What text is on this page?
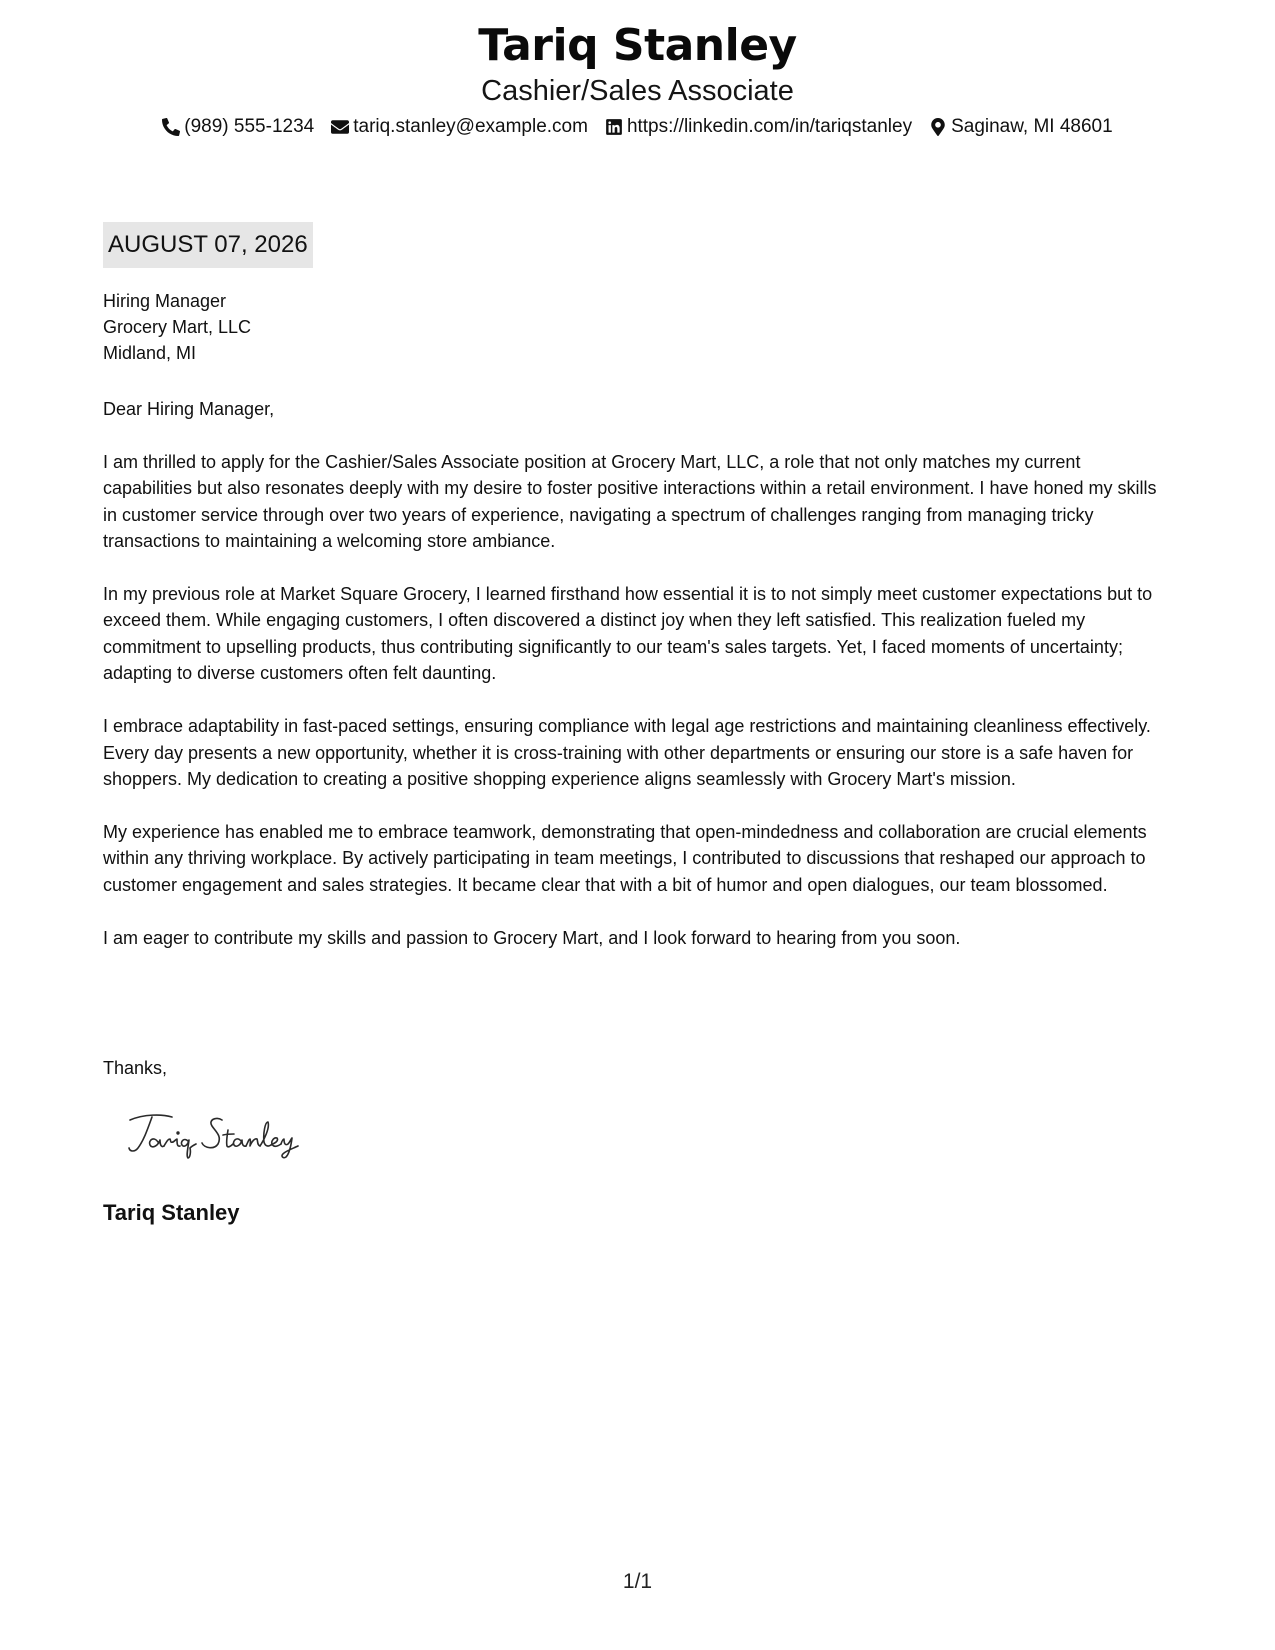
Tariq Stanley
Cashier/Sales Associate
(989) 555-1234 tariq.stanley@example.com https://linkedin.com/in/tariqstanley Saginaw, MI 48601
AUGUST 07, 2026
Hiring Manager
Grocery Mart, LLC
Midland, MI

Dear Hiring Manager,

I am thrilled to apply for the Cashier/Sales Associate position at Grocery Mart, LLC, a role that not only matches my current capabilities but also resonates deeply with my desire to foster positive interactions within a retail environment. I have honed my skills in customer service through over two years of experience, navigating a spectrum of challenges ranging from managing tricky transactions to maintaining a welcoming store ambiance.

In my previous role at Market Square Grocery, I learned firsthand how essential it is to not simply meet customer expectations but to exceed them. While engaging customers, I often discovered a distinct joy when they left satisfied. This realization fueled my commitment to upselling products, thus contributing significantly to our team's sales targets. Yet, I faced moments of uncertainty; adapting to diverse customers often felt daunting.

I embrace adaptability in fast-paced settings, ensuring compliance with legal age restrictions and maintaining cleanliness effectively. Every day presents a new opportunity, whether it is cross-training with other departments or ensuring our store is a safe haven for shoppers. My dedication to creating a positive shopping experience aligns seamlessly with Grocery Mart's mission.

My experience has enabled me to embrace teamwork, demonstrating that open-mindedness and collaboration are crucial elements within any thriving workplace. By actively participating in team meetings, I contributed to discussions that reshaped our approach to customer engagement and sales strategies. It became clear that with a bit of humor and open dialogues, our team blossomed.

I am eager to contribute my skills and passion to Grocery Mart, and I look forward to hearing from you soon.

Thanks,
Tariq Stanley
1/1
